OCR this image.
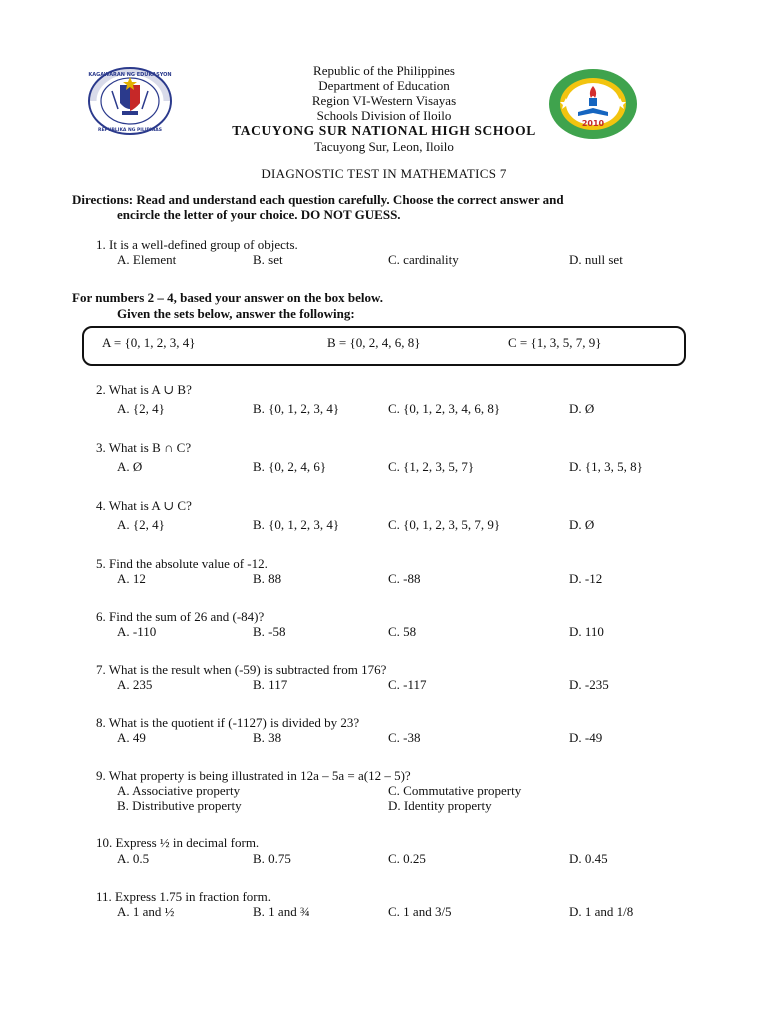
KAGAWARAN NG EDUKASYON
REPUBLIKA NG PILIPINAS
2010
Republic of the Philippines
Department of Education
Region VI-Western Visayas
Schools Division of Iloilo
TACUYONG SUR NATIONAL HIGH SCHOOL
Tacuyong Sur, Leon, Iloilo
DIAGNOSTIC TEST IN MATHEMATICS 7
Directions: Read and understand each question carefully. Choose the correct answer and
encircle the letter of your choice. DO NOT GUESS.
1. It is a well-defined group of objects.
A. Element	B. set	C. cardinality	D. null set
For numbers 2 – 4, based your answer on the box below.
Given the sets below, answer the following:
A = {0, 1, 2, 3, 4}	B = {0, 2, 4, 6, 8}	C = {1, 3, 5, 7, 9}
2. What is A ∪ B?
A. {2, 4}	B. {0, 1, 2, 3, 4}	C. {0, 1, 2, 3, 4, 6, 8}	D. Ø
3. What is B ∩ C?
A. Ø	B. {0, 2, 4, 6}	C. {1, 2, 3, 5, 7}	D. {1, 3, 5, 8}
4. What is A ∪ C?
A. {2, 4}	B. {0, 1, 2, 3, 4}	C. {0, 1, 2, 3, 5, 7, 9}	D. Ø
5. Find the absolute value of -12.
A. 12	B. 88	C. -88	D. -12
6. Find the sum of 26 and (-84)?
A. -110	B. -58	C. 58	D. 110
7. What is the result when (-59) is subtracted from 176?
A. 235	B. 117	C. -117	D. -235
8. What is the quotient if (-1127) is divided by 23?
A. 49	B. 38	C. -38	D. -49
9. What property is being illustrated in 12a – 5a = a(12 – 5)?
A. Associative property	C. Commutative property
B. Distributive property	D. Identity property
10. Express ½ in decimal form.
A. 0.5	B. 0.75	C. 0.25	D. 0.45
11. Express 1.75 in fraction form.
A. 1 and ½	B. 1 and ¾	C. 1 and 3/5	D. 1 and 1/8
